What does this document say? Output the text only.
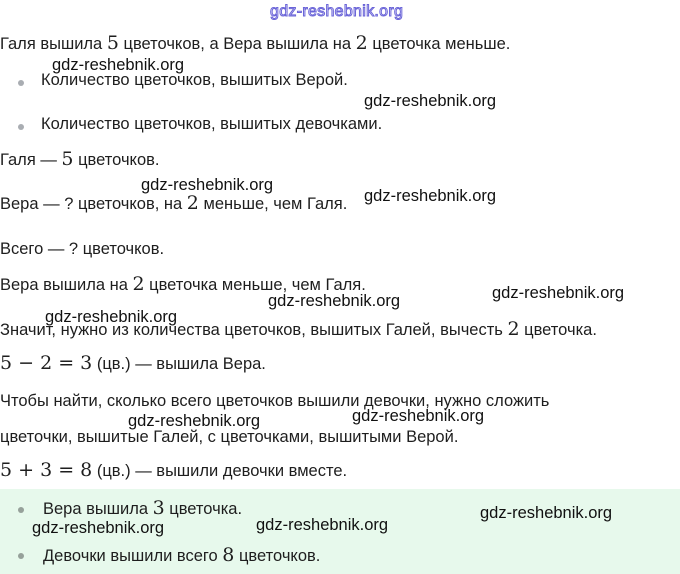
gdz-reshebnik.org
Галя вышила 5 цветочков, а Вера вышила на 2 цветочка меньше.
Количество цветочков, вышитых Верой.
Количество цветочков, вышитых девочками.
Галя — 5 цветочков.
Вера — ? цветочков, на 2 меньше, чем Галя.
Всего — ? цветочков.
Вера вышила на 2 цветочка меньше, чем Галя.
Значит, нужно из количества цветочков, вышитых Галей, вычесть 2 цветочка.
5 − 2 = 3 (цв.) — вышила Вера.
Чтобы найти, сколько всего цветочков вышили девочки, нужно сложить
цветочки, вышитые Галей, с цветочками, вышитыми Верой.
5 + 3 = 8 (цв.) — вышили девочки вместе.
Вера вышила 3 цветочка.
Девочки вышили всего 8 цветочков.
gdz-reshebnik.org
gdz-reshebnik.org
gdz-reshebnik.org
gdz-reshebnik.org
gdz-reshebnik.org
gdz-reshebnik.org
gdz-reshebnik.org
gdz-reshebnik.org
gdz-reshebnik.org
gdz-reshebnik.org
gdz-reshebnik.org
gdz-reshebnik.org
